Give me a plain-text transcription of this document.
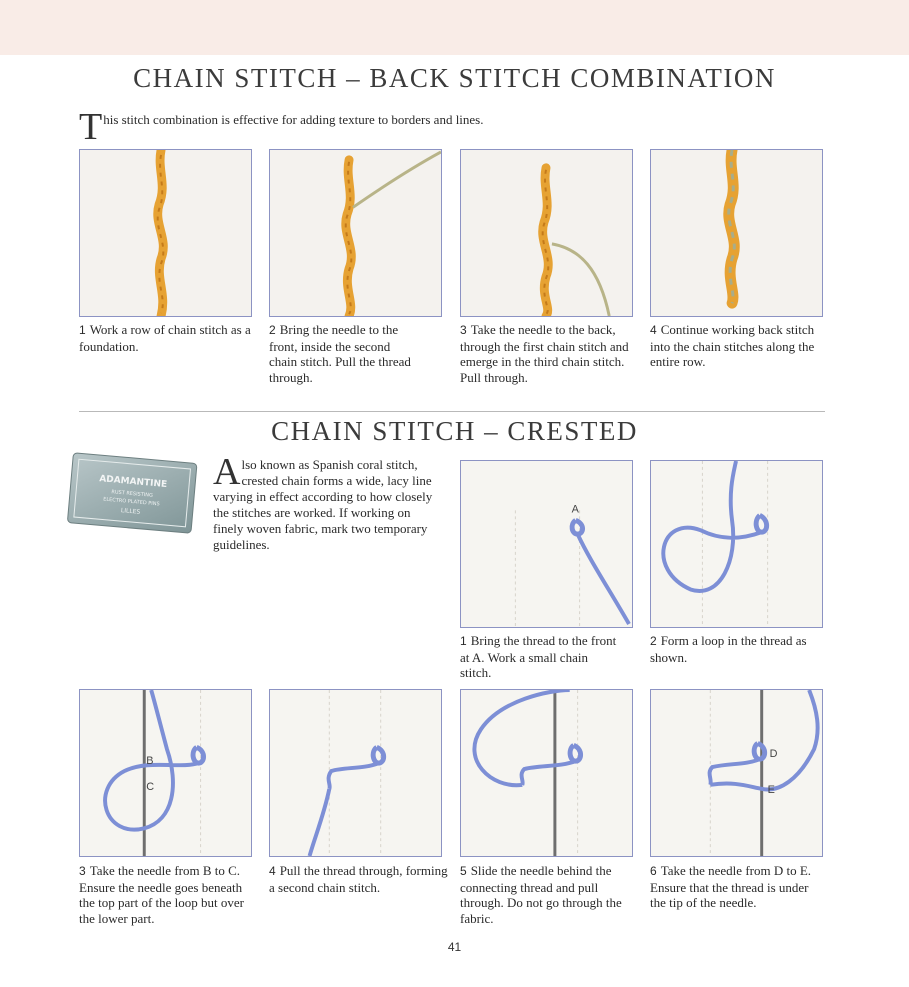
CHAIN STITCH – BACK STITCH COMBINATION
This stitch combination is effective for adding texture to borders and lines.
1 Work a row of chain stitch as a foundation.
2 Bring the needle to the front, inside the second chain stitch. Pull the thread through.
3 Take the needle to the back, through the first chain stitch and emerge in the third chain stitch. Pull through.
4 Continue working back stitch into the chain stitches along the entire row.
CHAIN STITCH – CRESTED
ADAMANTINE
RUST RESISTING
ELECTRO PLATED PINS
LILLES
Also known as Spanish coral stitch, crested chain forms a wide, lacy line varying in effect according to how closely the stitches are worked. If working on finely woven fabric, mark two temporary guidelines.
A
1 Bring the thread to the front at A. Work a small chain stitch.
2 Form a loop in the thread as shown.
B
C
D
E
3 Take the needle from B to C. Ensure the needle goes beneath the top part of the loop but over the lower part.
4 Pull the thread through, forming a second chain stitch.
5 Slide the needle behind the connecting thread and pull through. Do not go through the fabric.
6 Take the needle from D to E. Ensure that the thread is under the tip of the needle.
41
